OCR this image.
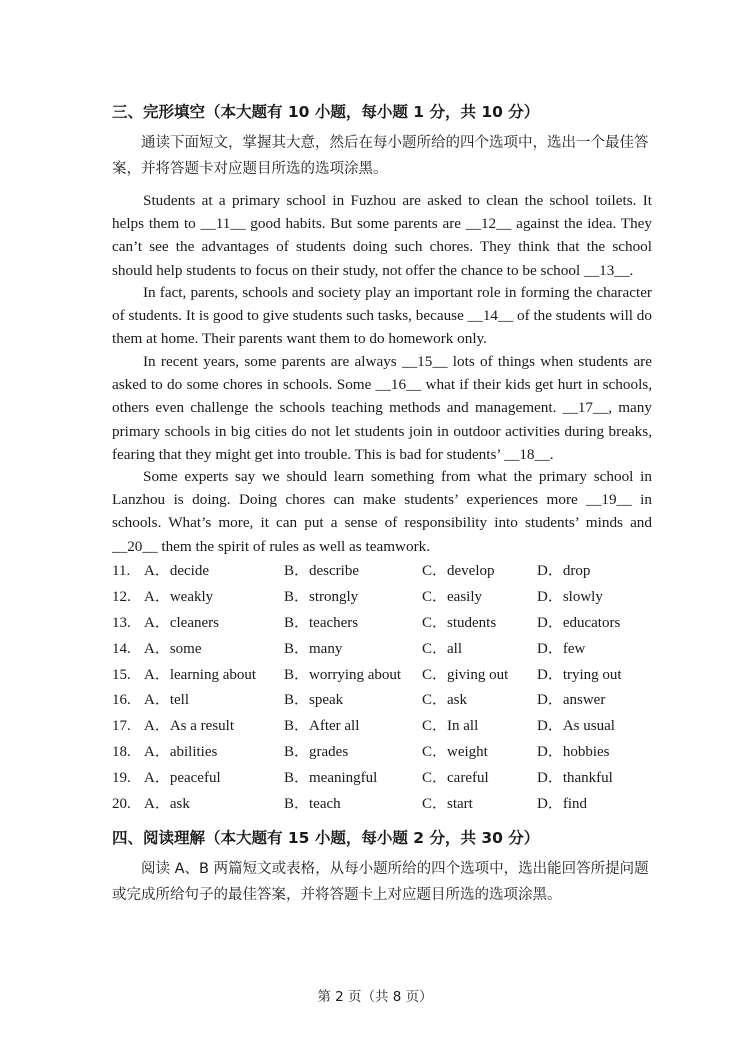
三、完形填空（本大题有 10 小题，每小题 1 分，共 10 分）
通读下面短文，掌握其大意，然后在每小题所给的四个选项中，选出一个最佳答案，并将答题卡对应题目所选的选项涂黑。
Students at a primary school in Fuzhou are asked to clean the school toilets. It helps them to __11__ good habits. But some parents are __12__ against the idea. They can’t see the advantages of students doing such chores. They think that the school should help students to focus on their study, not offer the chance to be school __13__.
In fact, parents, schools and society play an important role in forming the character of students. It is good to give students such tasks, because __14__ of the students will do them at home. Their parents want them to do homework only.
In recent years, some parents are always __15__ lots of things when students are asked to do some chores in schools. Some __16__ what if their kids get hurt in schools, others even challenge the schools teaching methods and management. __17__, many primary schools in big cities do not let students join in outdoor activities during breaks, fearing that they might get into trouble. This is bad for students’ __18__.
Some experts say we should learn something from what the primary school in Lanzhou is doing. Doing chores can make students’ experiences more __19__ in schools. What’s more, it can put a sense of responsibility into students’ minds and __20__ them the spirit of rules as well as teamwork.
11. A．decide	B．describe	C．develop	D．drop
12. A．weakly	B．strongly	C．easily	D．slowly
13. A．cleaners	B．teachers	C．students	D．educators
14. A．some	B．many	C．all	D．few
15. A．learning about B．worrying about C．giving out D．trying out
16. A．tell	B．speak	C．ask	D．answer
17. A．As a result	B．After all	C．In all	D．As usual
18. A．abilities	B．grades	C．weight	D．hobbies
19. A．peaceful	B．meaningful	C．careful	D．thankful
20. A．ask	B．teach	C．start	D．find
四、阅读理解（本大题有 15 小题，每小题 2 分，共 30 分）
阅读 A、B 两篇短文或表格，从每小题所给的四个选项中，选出能回答所提问题或完成所给句子的最佳答案，并将答题卡上对应题目所选的选项涂黑。
第 2 页（共 8 页）
